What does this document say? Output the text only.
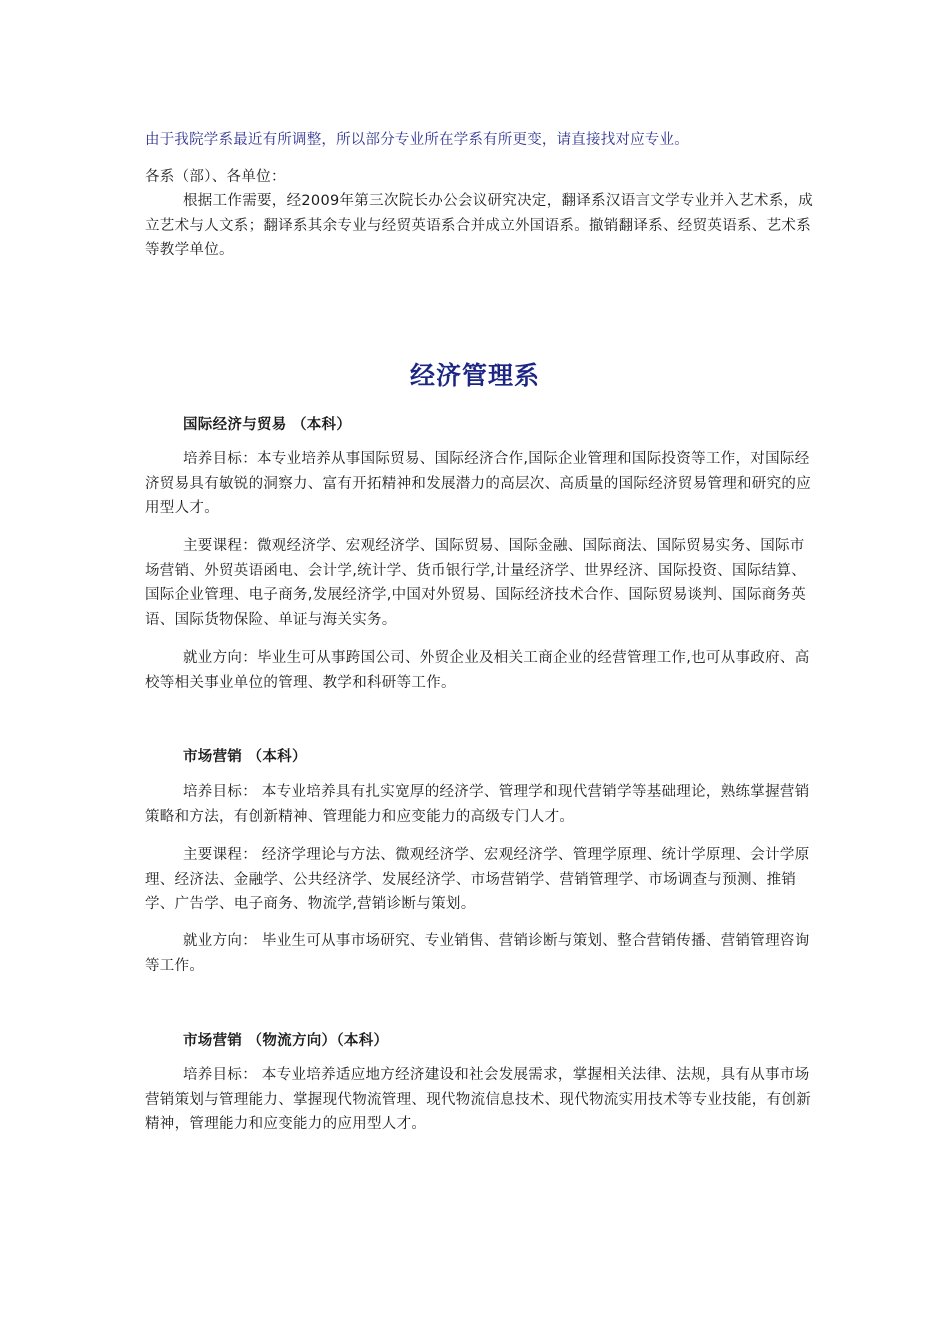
由于我院学系最近有所调整，所以部分专业所在学系有所更变，请直接找对应专业。
各系（部）、各单位：
根据工作需要，经2009年第三次院长办公会议研究决定，翻译系汉语言文学专业并入艺术系，成立艺术与人文系；翻译系其余专业与经贸英语系合并成立外国语系。撤销翻译系、经贸英语系、艺术系等教学单位。
经济管理系
国际经济与贸易 （本科）
培养目标：本专业培养从事国际贸易、国际经济合作,国际企业管理和国际投资等工作，对国际经济贸易具有敏锐的洞察力、富有开拓精神和发展潜力的高层次、高质量的国际经济贸易管理和研究的应用型人才。
主要课程：微观经济学、宏观经济学、国际贸易、国际金融、国际商法、国际贸易实务、国际市场营销、外贸英语函电、会计学,统计学、货币银行学,计量经济学、世界经济、国际投资、国际结算、国际企业管理、电子商务,发展经济学,中国对外贸易、国际经济技术合作、国际贸易谈判、国际商务英语、国际货物保险、单证与海关实务。
就业方向：毕业生可从事跨国公司、外贸企业及相关工商企业的经营管理工作,也可从事政府、高校等相关事业单位的管理、教学和科研等工作。
市场营销 （本科）
培养目标： 本专业培养具有扎实宽厚的经济学、管理学和现代营销学等基础理论，熟练掌握营销策略和方法，有创新精神、管理能力和应变能力的高级专门人才。
主要课程： 经济学理论与方法、微观经济学、宏观经济学、管理学原理、统计学原理、会计学原理、经济法、金融学、公共经济学、发展经济学、市场营销学、营销管理学、市场调查与预测、推销学、广告学、电子商务、物流学,营销诊断与策划。
就业方向： 毕业生可从事市场研究、专业销售、营销诊断与策划、整合营销传播、营销管理咨询等工作。
市场营销 （物流方向）（本科）
培养目标： 本专业培养适应地方经济建设和社会发展需求，掌握相关法律、法规，具有从事市场营销策划与管理能力、掌握现代物流管理、现代物流信息技术、现代物流实用技术等专业技能，有创新精神，管理能力和应变能力的应用型人才。
